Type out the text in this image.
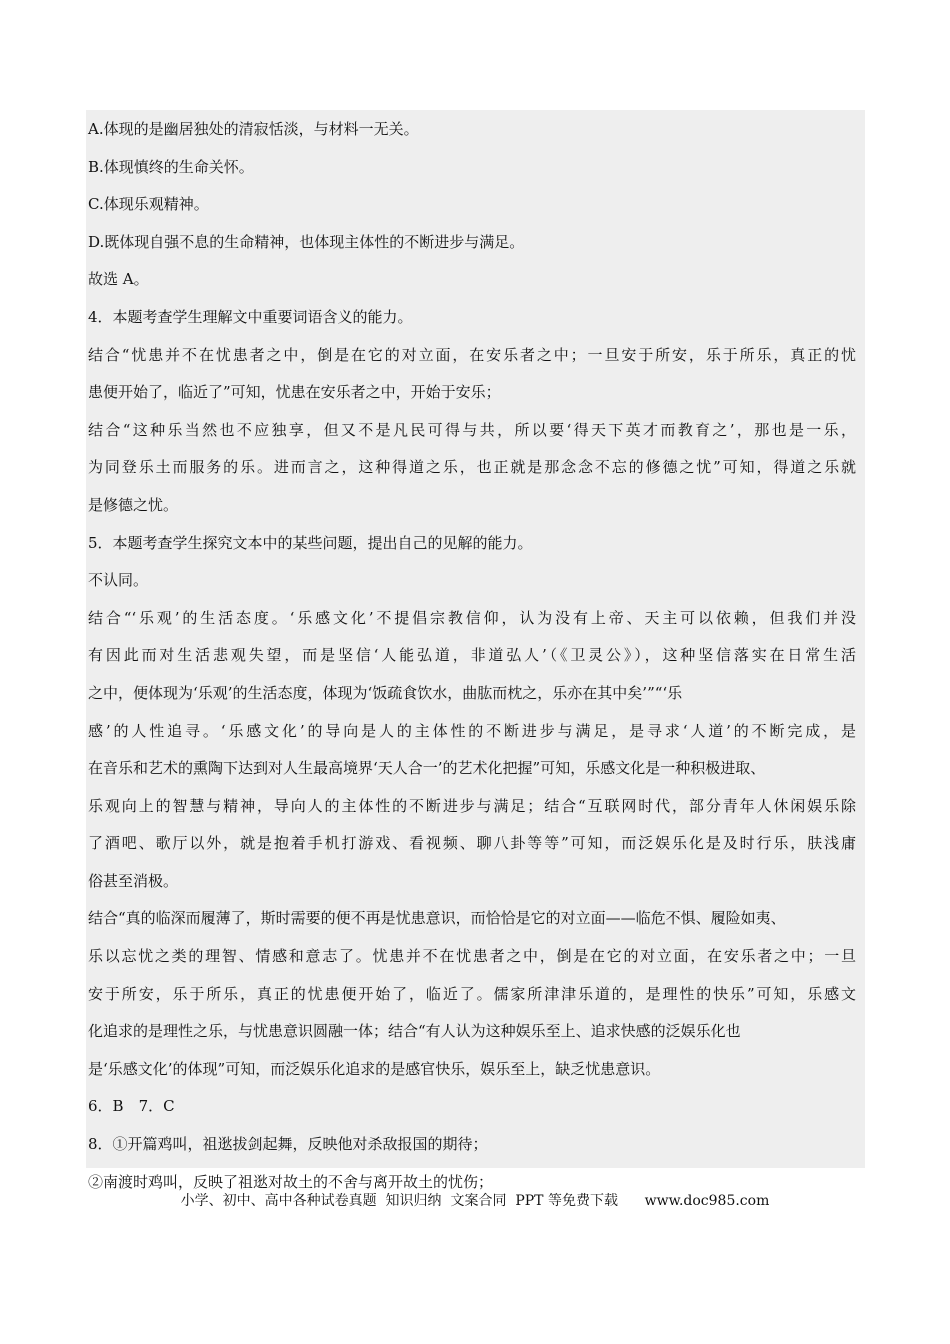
A.体现的是幽居独处的清寂恬淡，与材料一无关。
B.体现慎终的生命关怀。
C.体现乐观精神。
D.既体现自强不息的生命精神，也体现主体性的不断进步与满足。
故选 A。
4．本题考查学生理解文中重要词语含义的能力。
结合“忧患并不在忧患者之中，倒是在它的对立面，在安乐者之中；一旦安于所安，乐于所乐，真正的忧
患便开始了，临近了”可知，忧患在安乐者之中，开始于安乐；
结合“这种乐当然也不应独享，但又不是凡民可得与共，所以要‘得天下英才而教育之’，那也是一乐，
为同登乐土而服务的乐。进而言之，这种得道之乐，也正就是那念念不忘的修德之忧”可知，得道之乐就
是修德之忧。
5．本题考查学生探究文本中的某些问题，提出自己的见解的能力。
不认同。
结合“‘乐观’的生活态度。‘乐感文化’不提倡宗教信仰，认为没有上帝、天主可以依赖，但我们并没
有因此而对生活悲观失望，而是坚信‘人能弘道，非道弘人’（《卫灵公》），这种坚信落实在日常生活
之中，便体现为‘乐观’的生活态度，体现为‘饭疏食饮水，曲肱而枕之，乐亦在其中矣’”“‘乐
感’的人性追寻。‘乐感文化’的导向是人的主体性的不断进步与满足，是寻求‘人道’的不断完成，是
在音乐和艺术的熏陶下达到对人生最高境界‘天人合一’的艺术化把握”可知，乐感文化是一种积极进取、
乐观向上的智慧与精神，导向人的主体性的不断进步与满足；结合“互联网时代，部分青年人休闲娱乐除
了酒吧、歌厅以外，就是抱着手机打游戏、看视频、聊八卦等等”可知，而泛娱乐化是及时行乐，肤浅庸
俗甚至消极。
结合“真的临深而履薄了，斯时需要的便不再是忧患意识，而恰恰是它的对立面——临危不惧、履险如夷、
乐以忘忧之类的理智、情感和意志了。忧患并不在忧患者之中，倒是在它的对立面，在安乐者之中；一旦
安于所安，乐于所乐，真正的忧患便开始了，临近了。儒家所津津乐道的，是理性的快乐”可知，乐感文
化追求的是理性之乐，与忧患意识圆融一体；结合“有人认为这种娱乐至上、追求快感的泛娱乐化也
是‘乐感文化’的体现”可知，而泛娱乐化追求的是感官快乐，娱乐至上，缺乏忧患意识。
6．B　7．C
8．①开篇鸡叫，祖逖拔剑起舞，反映他对杀敌报国的期待；
②南渡时鸡叫，反映了祖逖对故土的不舍与离开故土的忧伤；
小学、初中、高中各种试卷真题  知识归纳  文案合同  PPT 等免费下载      www.doc985.com
